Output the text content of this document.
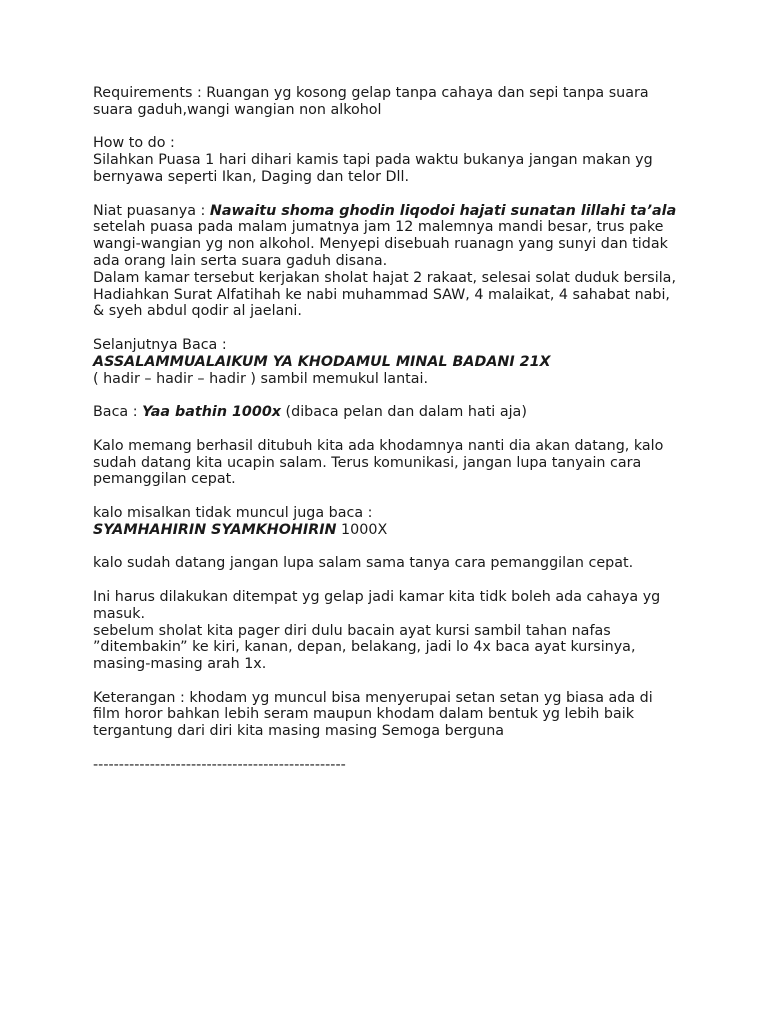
Requirements : Ruangan yg kosong gelap tanpa cahaya dan sepi tanpa suara
suara gaduh,wangi wangian non alkohol

How to do :
Silahkan Puasa 1 hari dihari kamis tapi pada waktu bukanya jangan makan yg
bernyawa seperti Ikan, Daging dan telor Dll.

Niat puasanya : Nawaitu shoma ghodin liqodoi hajati sunatan lillahi ta’ala
setelah puasa pada malam jumatnya jam 12 malemnya mandi besar, trus pake
wangi-wangian yg non alkohol. Menyepi disebuah ruanagn yang sunyi dan tidak
ada orang lain serta suara gaduh disana.
Dalam kamar tersebut kerjakan sholat hajat 2 rakaat, selesai solat duduk bersila,
Hadiahkan Surat Alfatihah ke nabi muhammad SAW, 4 malaikat, 4 sahabat nabi,
& syeh abdul qodir al jaelani.

Selanjutnya Baca :
ASSALAMMUALAIKUM YA KHODAMUL MINAL BADANI 21X
( hadir – hadir – hadir ) sambil memukul lantai.

Baca : Yaa bathin 1000x (dibaca pelan dan dalam hati aja)

Kalo memang berhasil ditubuh kita ada khodamnya nanti dia akan datang, kalo
sudah datang kita ucapin salam. Terus komunikasi, jangan lupa tanyain cara
pemanggilan cepat.

kalo misalkan tidak muncul juga baca :
SYAMHAHIRIN SYAMKHOHIRIN 1000X

kalo sudah datang jangan lupa salam sama tanya cara pemanggilan cepat.

Ini harus dilakukan ditempat yg gelap jadi kamar kita tidk boleh ada cahaya yg
masuk.
sebelum sholat kita pager diri dulu bacain ayat kursi sambil tahan nafas
”ditembakin” ke kiri, kanan, depan, belakang, jadi lo 4x baca ayat kursinya,
masing-masing arah 1x.

Keterangan : khodam yg muncul bisa menyerupai setan setan yg biasa ada di
film horor bahkan lebih seram maupun khodam dalam bentuk yg lebih baik
tergantung dari diri kita masing masing Semoga berguna

-------------------------------------------------
